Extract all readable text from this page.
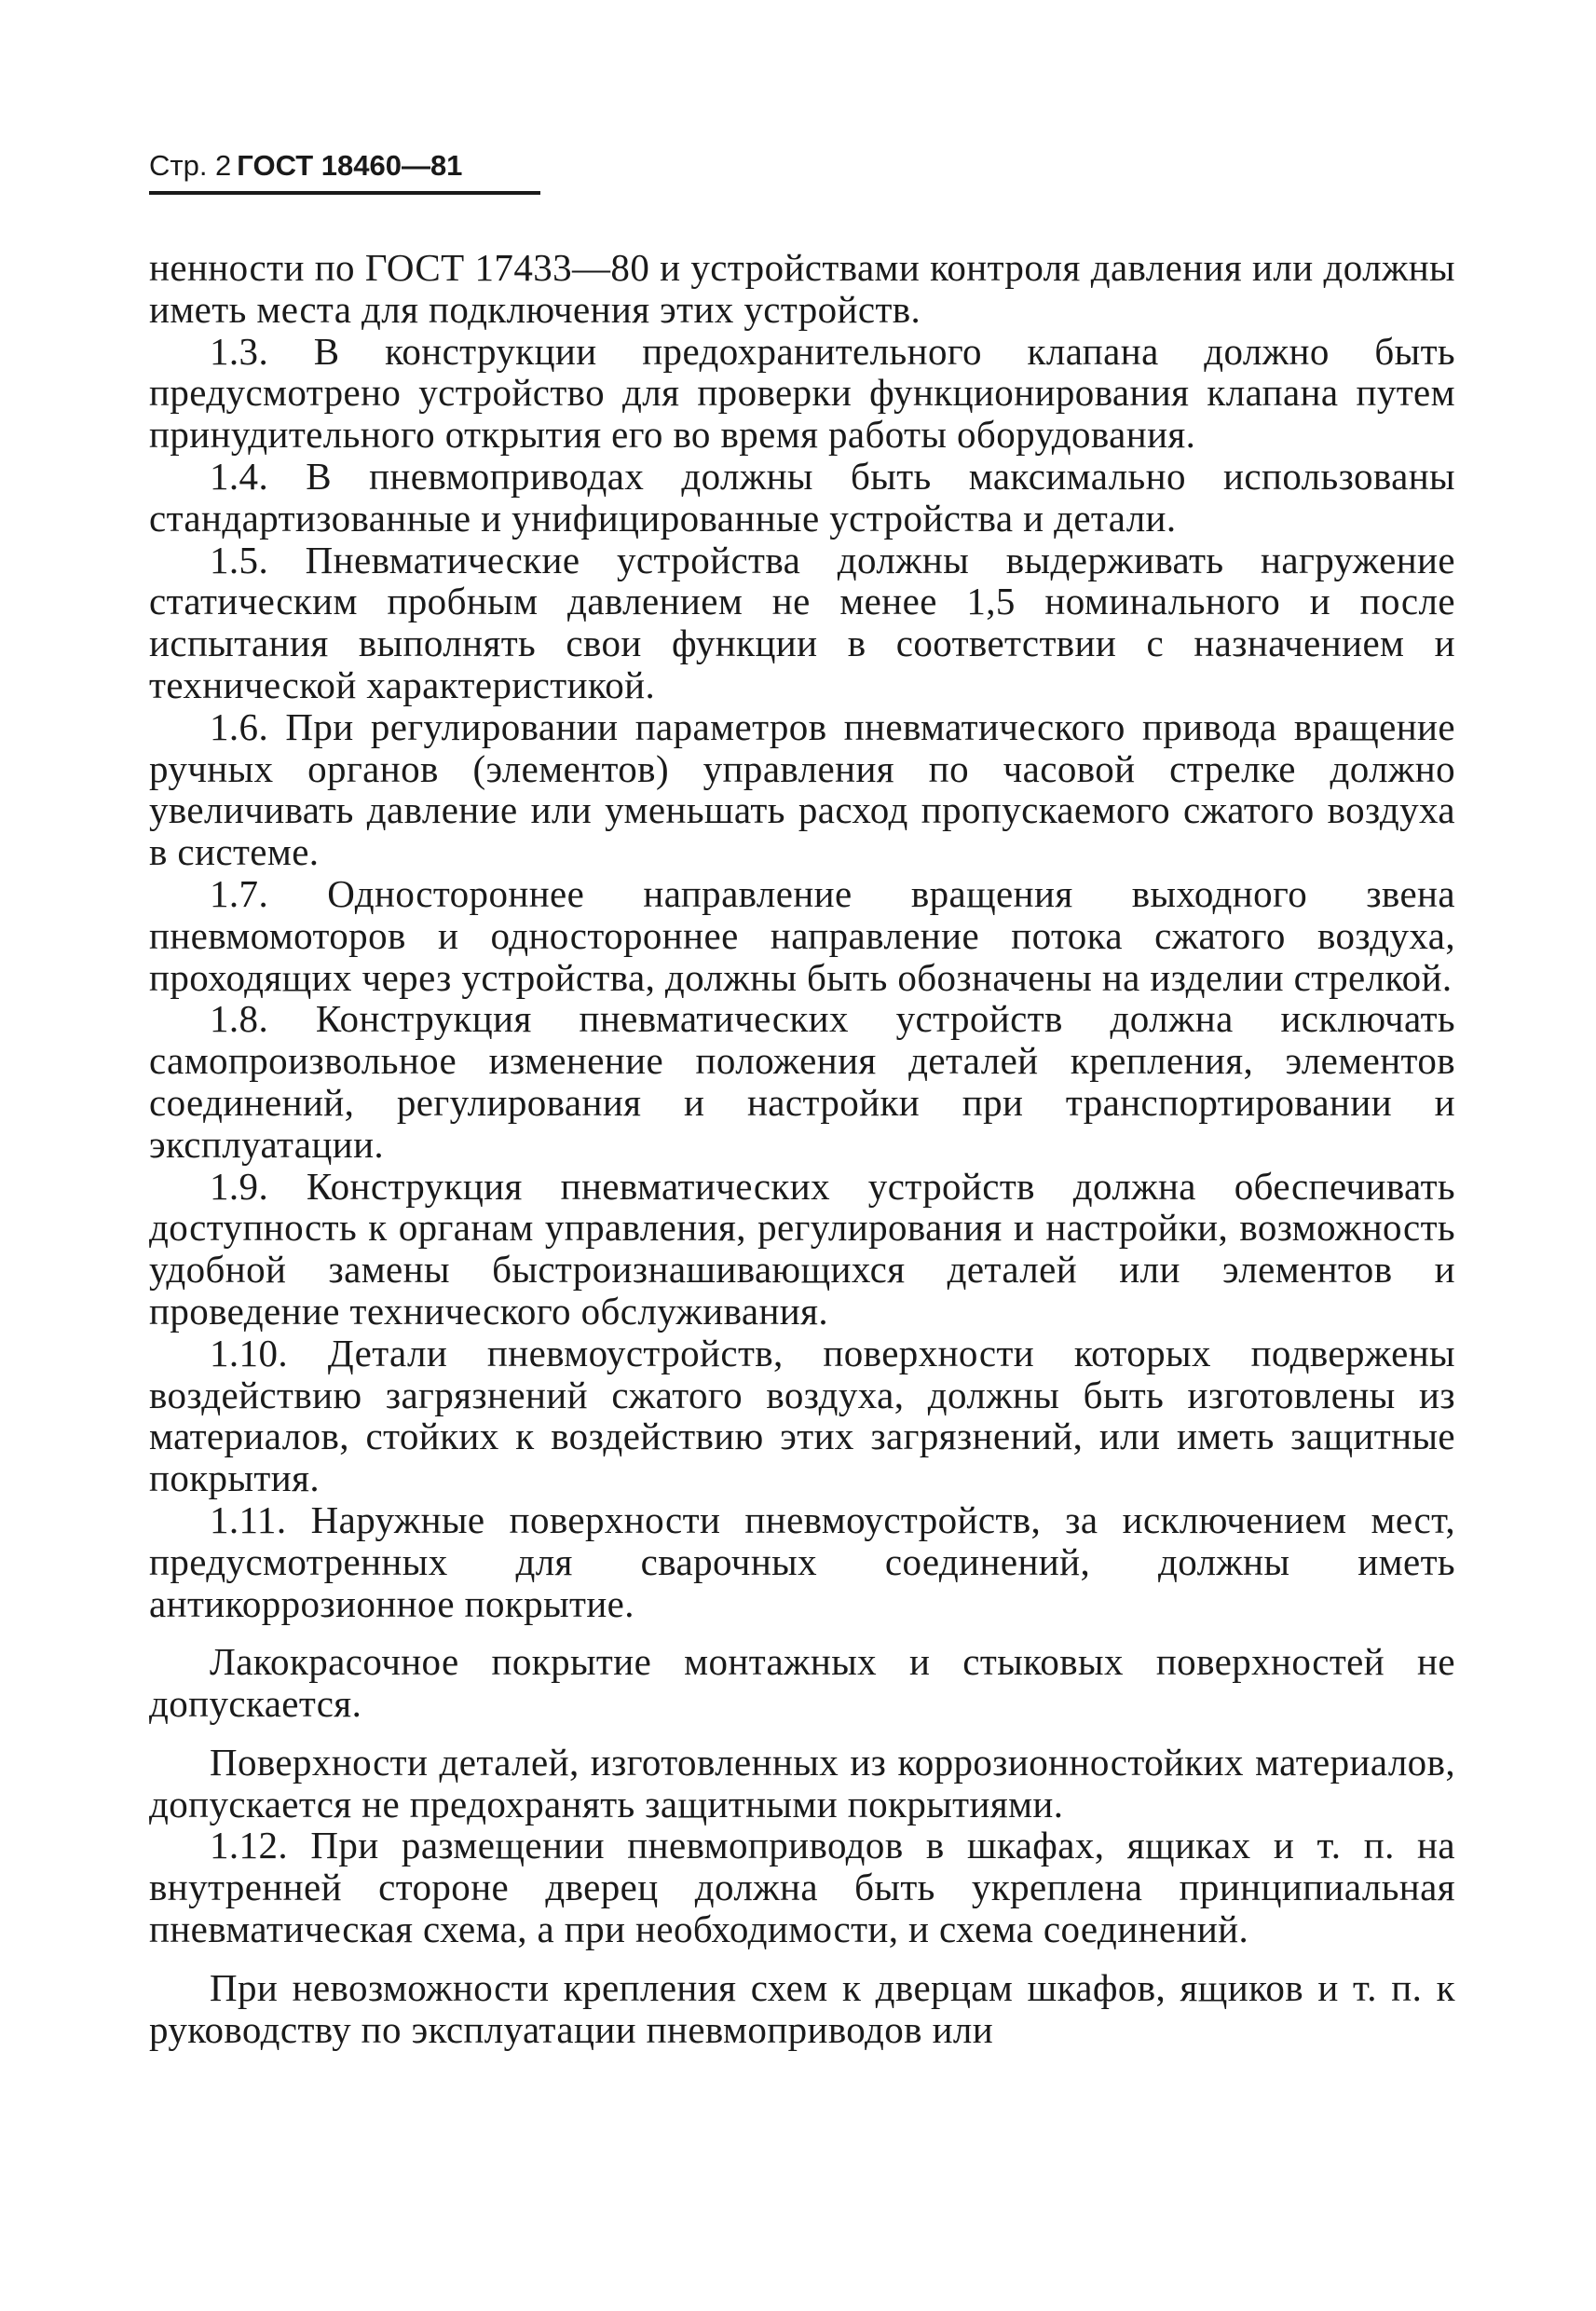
Стр. 2 ГОСТ 18460—81

ненности по ГОСТ 17433—80 и устройствами контроля давления или должны иметь места для подключения этих устройств.

1.3. В конструкции предохранительного клапана должно быть предусмотрено устройство для проверки функционирования клапана путем принудительного открытия его во время работы оборудования.

1.4. В пневмоприводах должны быть максимально использованы стандартизованные и унифицированные устройства и детали.

1.5. Пневматические устройства должны выдерживать нагружение статическим пробным давлением не менее 1,5 номинального и после испытания выполнять свои функции в соответствии с назначением и технической характеристикой.

1.6. При регулировании параметров пневматического привода вращение ручных органов (элементов) управления по часовой стрелке должно увеличивать давление или уменьшать расход пропускаемого сжатого воздуха в системе.

1.7. Одностороннее направление вращения выходного звена пневмомоторов и одностороннее направление потока сжатого воздуха, проходящих через устройства, должны быть обозначены на изделии стрелкой.

1.8. Конструкция пневматических устройств должна исключать самопроизвольное изменение положения деталей крепления, элементов соединений, регулирования и настройки при транспортировании и эксплуатации.

1.9. Конструкция пневматических устройств должна обеспечивать доступность к органам управления, регулирования и настройки, возможность удобной замены быстроизнашивающихся деталей или элементов и проведение технического обслуживания.

1.10. Детали пневмоустройств, поверхности которых подвержены воздействию загрязнений сжатого воздуха, должны быть изготовлены из материалов, стойких к воздействию этих загрязнений, или иметь защитные покрытия.

1.11. Наружные поверхности пневмоустройств, за исключением мест, предусмотренных для сварочных соединений, должны иметь антикоррозионное покрытие.

Лакокрасочное покрытие монтажных и стыковых поверхностей не допускается.

Поверхности деталей, изготовленных из коррозионностойких материалов, допускается не предохранять защитными покрытиями.

1.12. При размещении пневмоприводов в шкафах, ящиках и т. п. на внутренней стороне дверец должна быть укреплена принципиальная пневматическая схема, а при необходимости, и схема соединений.

При невозможности крепления схем к дверцам шкафов, ящиков и т. п. к руководству по эксплуатации пневмоприводов или
